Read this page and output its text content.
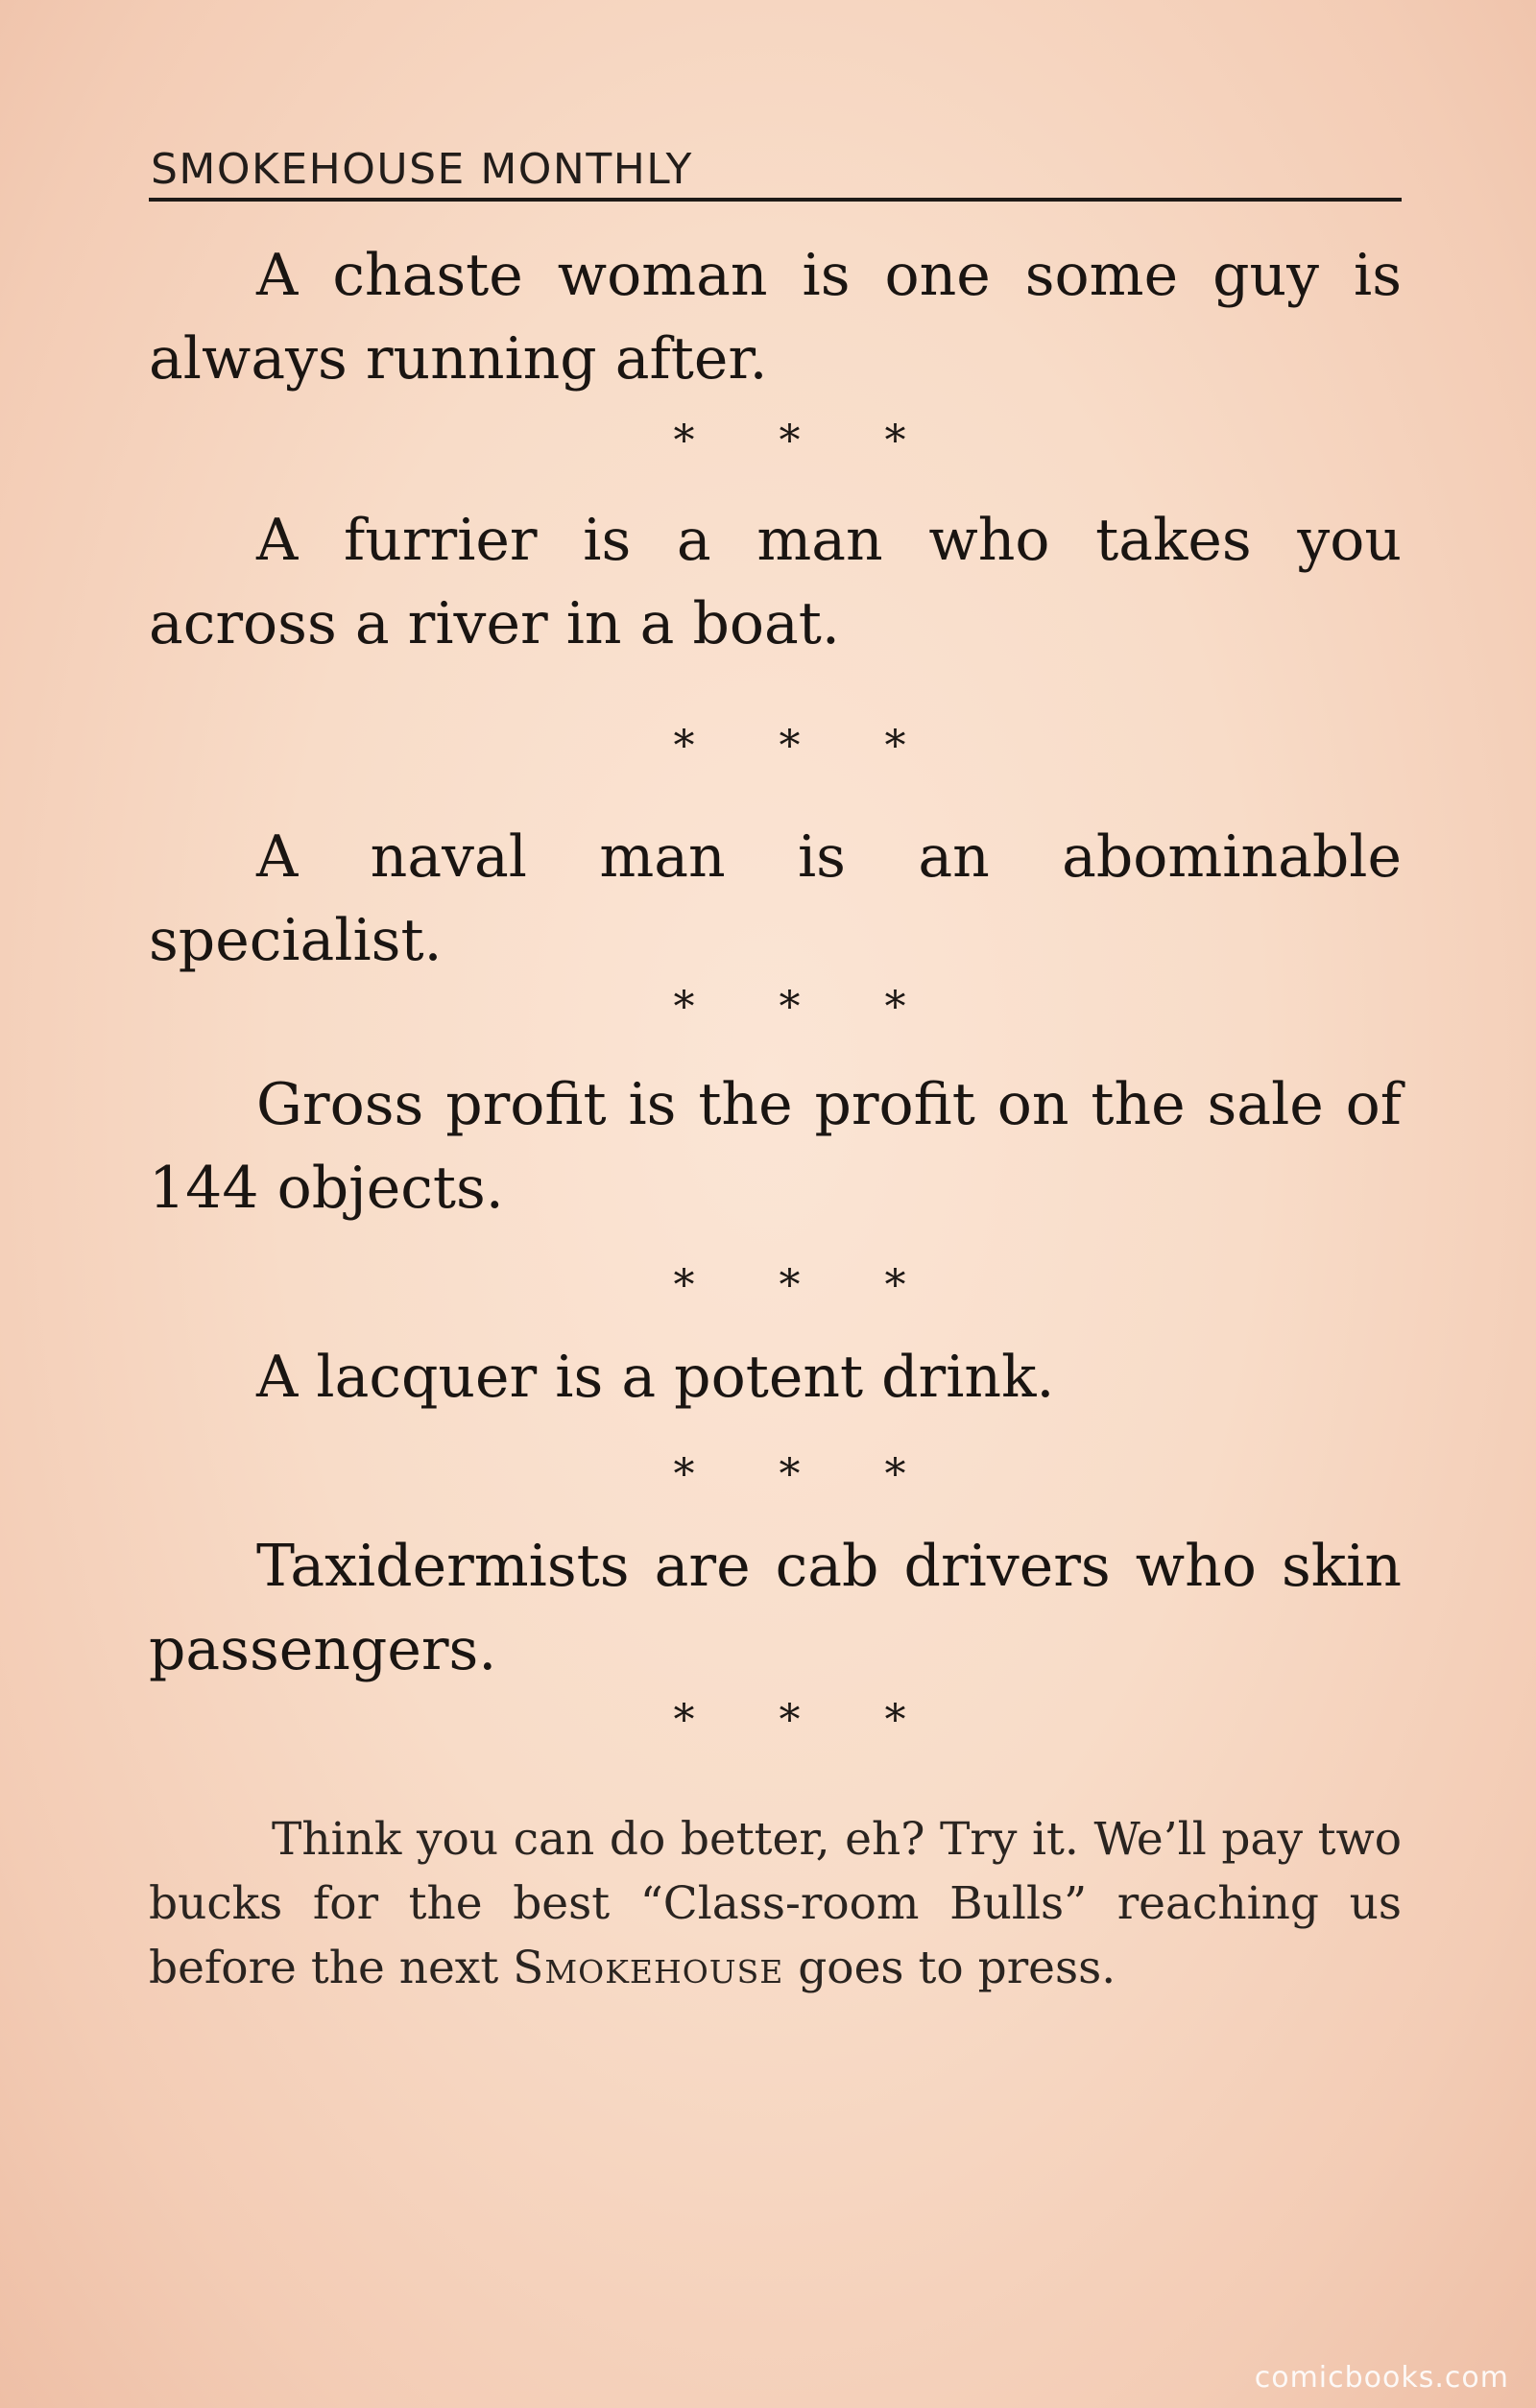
SMOKEHOUSE MONTHLY

A chaste woman is one some guy is always running after.

* * *

A furrier is a man who takes you across a river in a boat.

* * *

A naval man is an abominable specialist.

* * *

Gross profit is the profit on the sale of 144 objects.

* * *

A lacquer is a potent drink.

* * *

Taxidermists are cab drivers who skin passengers.

* * *

Think you can do better, eh? Try it. We’ll pay two bucks for the best “Class-room Bulls” reaching us before the next Smokehouse goes to press.

comicbooks.com
